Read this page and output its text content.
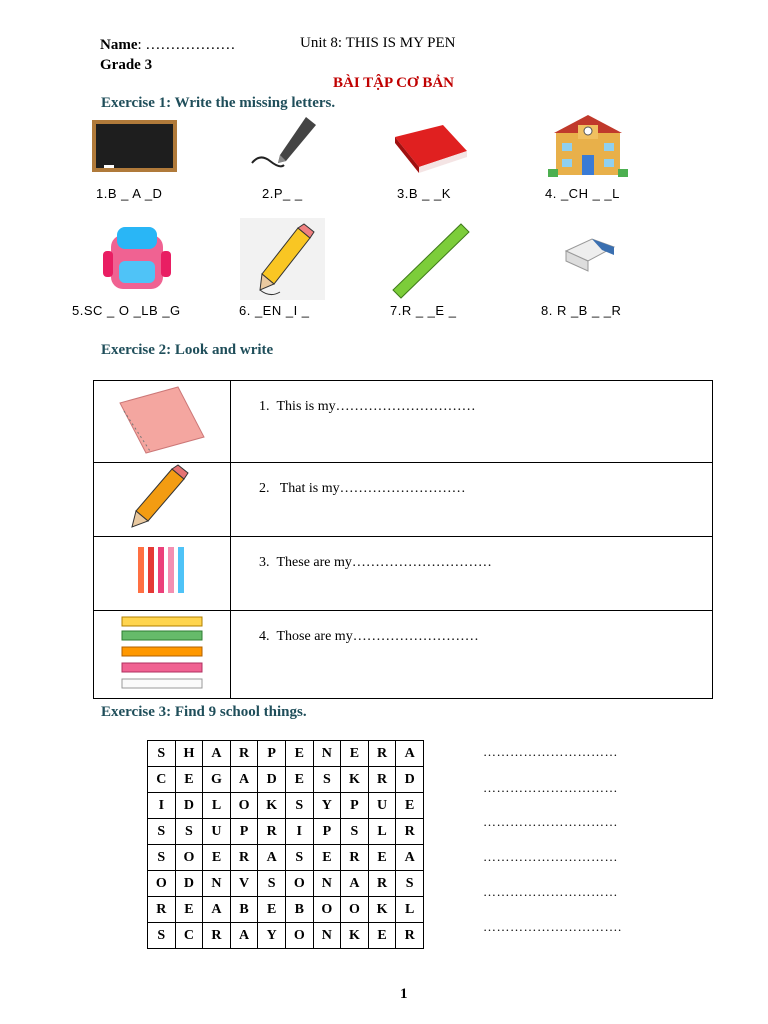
Name: ………………	Unit 8: THIS IS MY PEN
Grade 3
BÀI TẬP CƠ BẢN
Exercise 1: Write the missing letters.
1.B _ A _D	2.P_ _	3.B _ _K	4. _CH _ _L
5.SC _ O _LB _G	6. _EN _I _	7.R _ _E _	8. R _B _ _R
Exercise 2: Look and write

1. This is my…………………………

2.   That is my………………………

3. These are my…………………………

4. Those are my………………………
Exercise 3: Find 9 school things.
S	H	A	R	P	E	N	E	R	A
C	E	G	A	D	E	S	K	R	D
I	D	L	O	K	S	Y	P	U	E
S	S	U	P	R	I	P	S	L	R
S	O	E	R	A	S	E	R	E	A
O	D	N	V	S	O	N	A	R	S
R	E	A	B	E	B	O	O	K	L
S	C	R	A	Y	O	N	K	E	R
…………………………
…………………………
…………………………
…………………………
…………………………
………………………….
1
